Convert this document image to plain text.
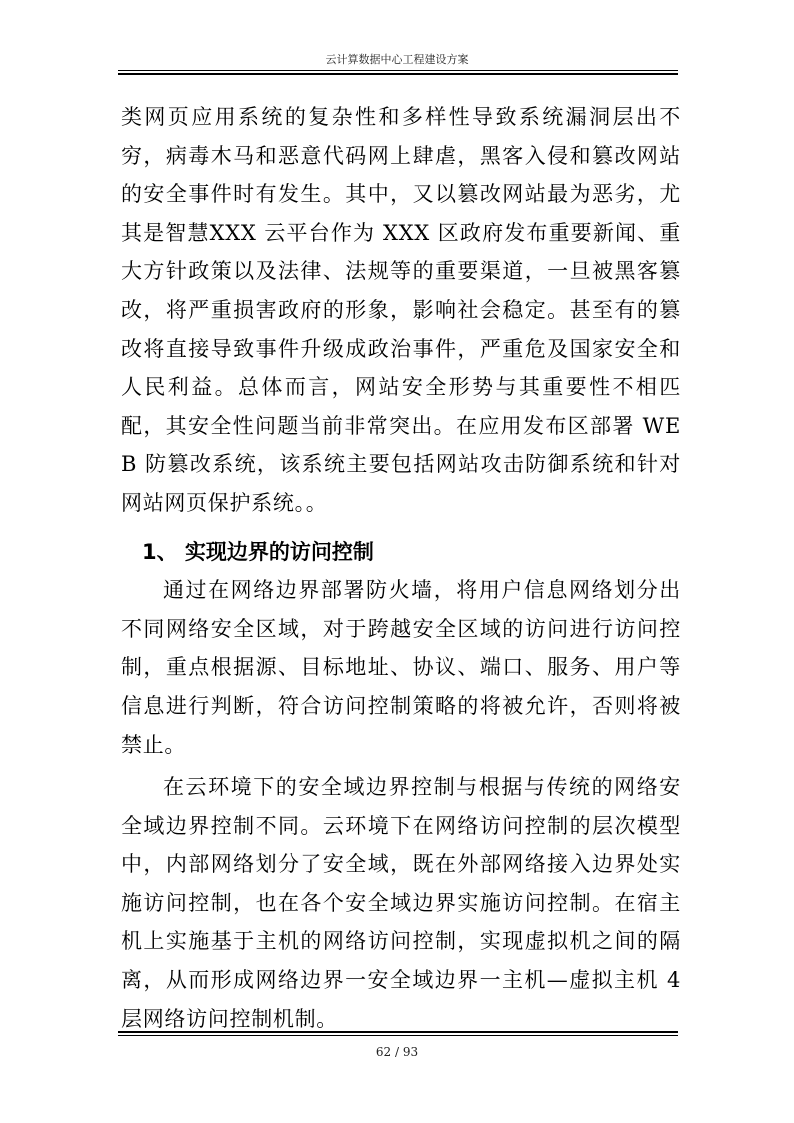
云计算数据中心工程建设方案

类网页应用系统的复杂性和多样性导致系统漏洞层出不穷，病毒木马和恶意代码网上肆虐，黑客入侵和篡改网站的安全事件时有发生。其中，又以篡改网站最为恶劣，尤其是智慧XXX 云平台作为 XXX 区政府发布重要新闻、重大方针政策以及法律、法规等的重要渠道，一旦被黑客篡改，将严重损害政府的形象，影响社会稳定。甚至有的篡改将直接导致事件升级成政治事件，严重危及国家安全和人民利益。总体而言，网站安全形势与其重要性不相匹配，其安全性问题当前非常突出。在应用发布区部署 WEB 防篡改系统，该系统主要包括网站攻击防御系统和针对网站网页保护系统。。

1、 实现边界的访问控制

通过在网络边界部署防火墙，将用户信息网络划分出不同网络安全区域，对于跨越安全区域的访问进行访问控制，重点根据源、目标地址、协议、端口、服务、用户等信息进行判断，符合访问控制策略的将被允许，否则将被禁止。

在云环境下的安全域边界控制与根据与传统的网络安全域边界控制不同。云环境下在网络访问控制的层次模型中，内部网络划分了安全域，既在外部网络接入边界处实施访问控制，也在各个安全域边界实施访问控制。在宿主机上实施基于主机的网络访问控制，实现虚拟机之间的隔离，从而形成网络边界一安全域边界一主机—虚拟主机 4 层网络访问控制机制。

62 / 93
